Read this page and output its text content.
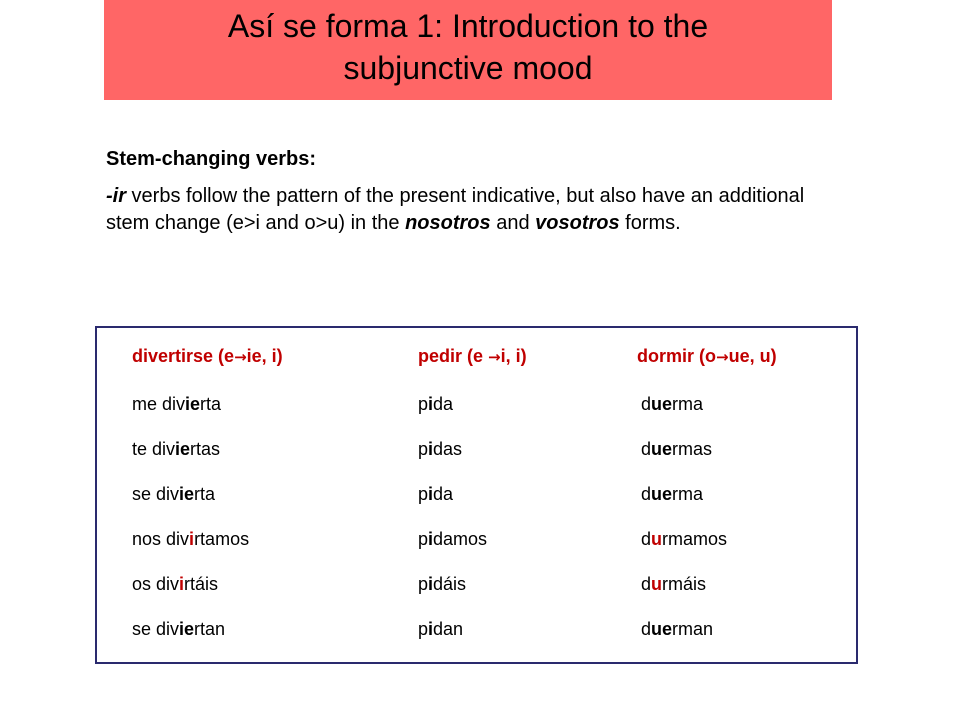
Así se forma 1: Introduction to the
subjunctive mood
Stem-changing verbs:

-ir verbs follow the pattern of the present indicative, but also have an additional stem change (e>i and o>u) in the nosotros and vosotros forms.

divertirse (e→ie, i)
me divierta
te diviertas
se divierta
nos divirtamos
os divirtáis
se diviertan
pedir (e →i, i)
pida
pidas
pida
pidamos
pidáis
pidan
dormir (o→ue, u)
duerma
duermas
duerma
durmamos
durmáis
duerman
